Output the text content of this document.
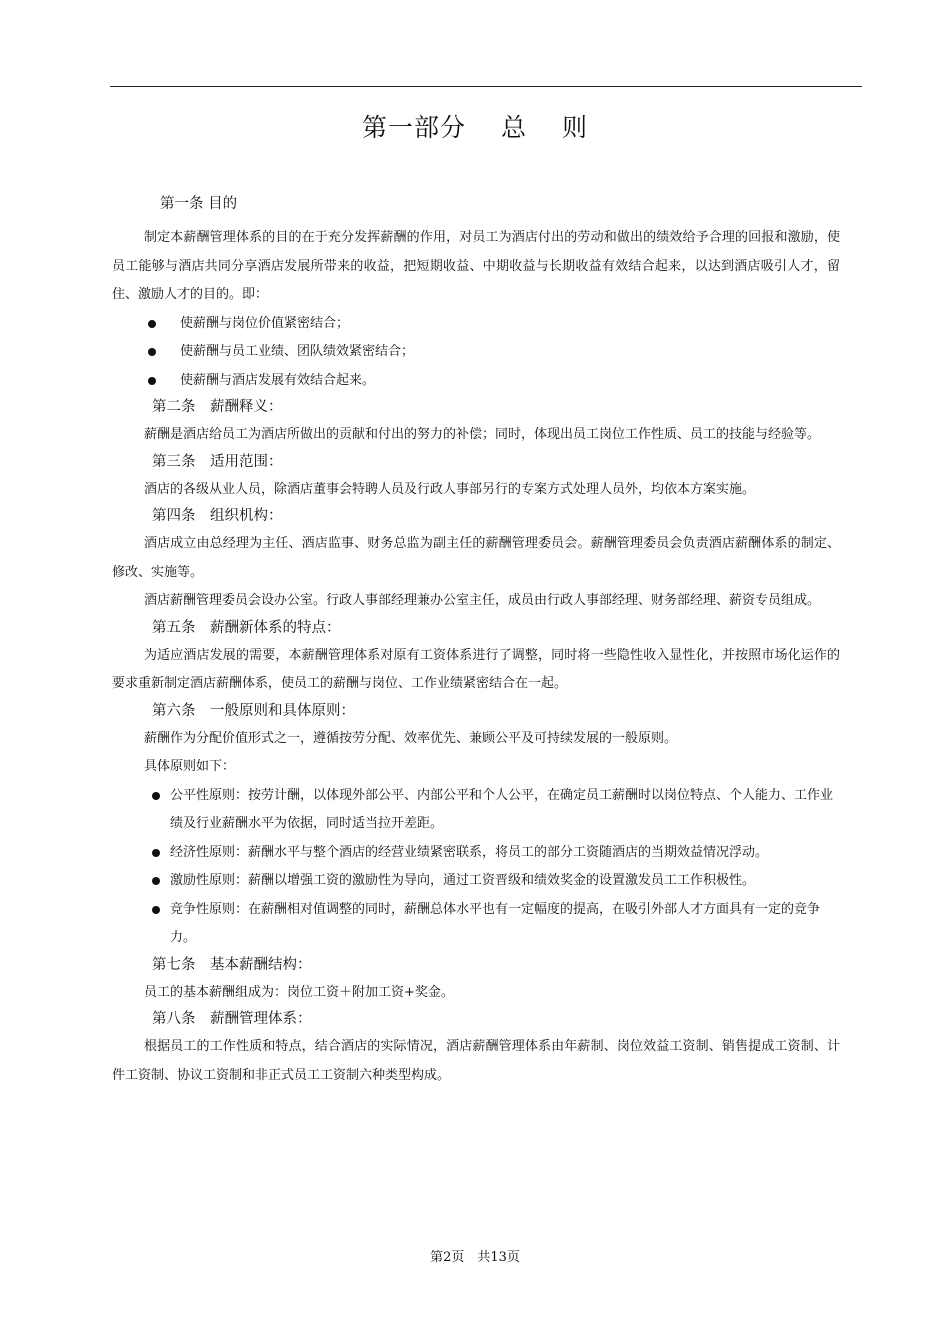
第一部分　 总　 则
第一条 目的
制定本薪酬管理体系的目的在于充分发挥薪酬的作用，对员工为酒店付出的劳动和做出的绩效给予合理的回报和激励，使员工能够与酒店共同分享酒店发展所带来的收益，把短期收益、中期收益与长期收益有效结合起来，以达到酒店吸引人才，留住、激励人才的目的。即：
使薪酬与岗位价值紧密结合；
使薪酬与员工业绩、团队绩效紧密结合；
使薪酬与酒店发展有效结合起来。
第二条　薪酬释义：
薪酬是酒店给员工为酒店所做出的贡献和付出的努力的补偿；同时，体现出员工岗位工作性质、员工的技能与经验等。
第三条　适用范围：
酒店的各级从业人员，除酒店董事会特聘人员及行政人事部另行的专案方式处理人员外，均依本方案实施。
第四条　组织机构：
酒店成立由总经理为主任、酒店监事、财务总监为副主任的薪酬管理委员会。薪酬管理委员会负责酒店薪酬体系的制定、修改、实施等。
酒店薪酬管理委员会设办公室。行政人事部经理兼办公室主任，成员由行政人事部经理、财务部经理、薪资专员组成。
第五条　薪酬新体系的特点：
为适应酒店发展的需要，本薪酬管理体系对原有工资体系进行了调整，同时将一些隐性收入显性化，并按照市场化运作的要求重新制定酒店薪酬体系，使员工的薪酬与岗位、工作业绩紧密结合在一起。
第六条　一般原则和具体原则：
薪酬作为分配价值形式之一，遵循按劳分配、效率优先、兼顾公平及可持续发展的一般原则。
具体原则如下：
公平性原则：按劳计酬，以体现外部公平、内部公平和个人公平，在确定员工薪酬时以岗位特点、个人能力、工作业绩及行业薪酬水平为依据，同时适当拉开差距。
经济性原则：薪酬水平与整个酒店的经营业绩紧密联系，将员工的部分工资随酒店的当期效益情况浮动。
激励性原则：薪酬以增强工资的激励性为导向，通过工资晋级和绩效奖金的设置激发员工工作积极性。
竞争性原则：在薪酬相对值调整的同时，薪酬总体水平也有一定幅度的提高，在吸引外部人才方面具有一定的竞争力。
第七条　基本薪酬结构：
员工的基本薪酬组成为：岗位工资＋附加工资+奖金。
第八条　薪酬管理体系：
根据员工的工作性质和特点，结合酒店的实际情况，酒店薪酬管理体系由年薪制、岗位效益工资制、销售提成工资制、计件工资制、协议工资制和非正式员工工资制六种类型构成。
第2页　共13页
